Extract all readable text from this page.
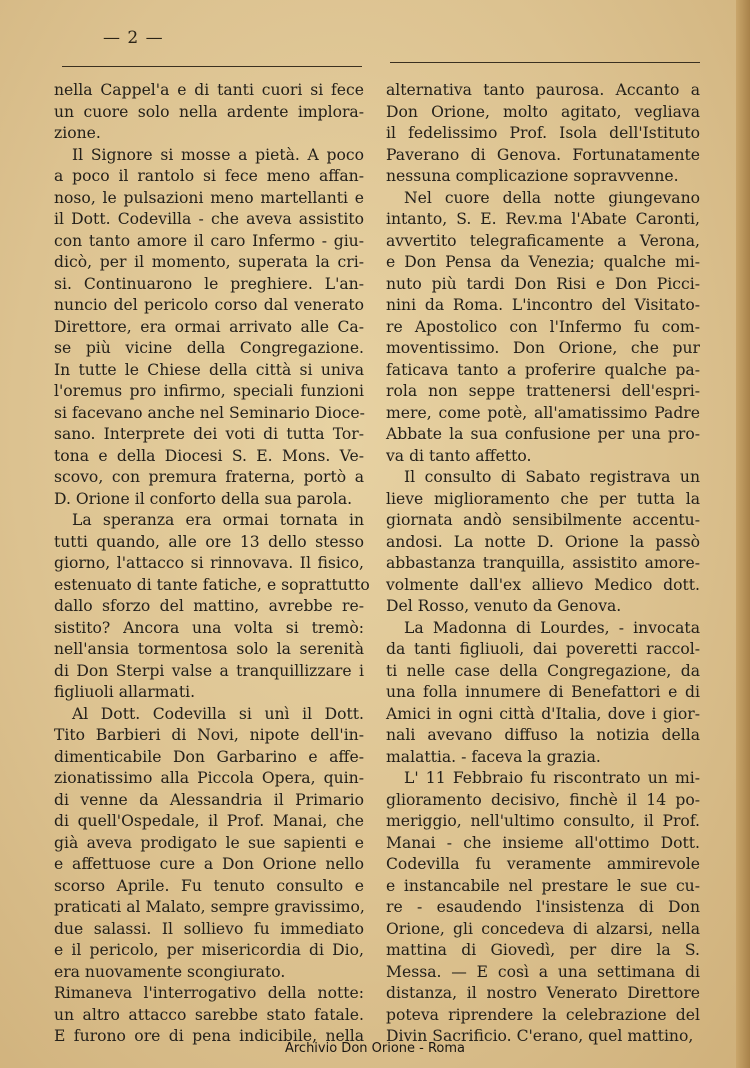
— 2 —
nella Cappel'a e di tanti cuori si fece
un cuore solo nella ardente implora-
zione.
Il Signore si mosse a pietà. A poco
a poco il rantolo si fece meno affan-
noso, le pulsazioni meno martellanti e
il Dott. Codevilla - che aveva assistito
con tanto amore il caro Infermo - giu-
dicò, per il momento, superata la cri-
si. Continuarono le preghiere. L'an-
nuncio del pericolo corso dal venerato
Direttore, era ormai arrivato alle Ca-
se più vicine della Congregazione.
In tutte le Chiese della città si univa
l'oremus pro infirmo, speciali funzioni
si facevano anche nel Seminario Dioce-
sano. Interprete dei voti di tutta Tor-
tona e della Diocesi S. E. Mons. Ve-
scovo, con premura fraterna, portò a
D. Orione il conforto della sua parola.
La speranza era ormai tornata in
tutti quando, alle ore 13 dello stesso
giorno, l'attacco si rinnovava. Il fisico,
estenuato di tante fatiche, e soprattutto
dallo sforzo del mattino, avrebbe re-
sistito? Ancora una volta si tremò:
nell'ansia tormentosa solo la serenità
di Don Sterpi valse a tranquillizzare i
figliuoli allarmati.
Al Dott. Codevilla si unì il Dott.
Tito Barbieri di Novi, nipote dell'in-
dimenticabile Don Garbarino e affe-
zionatissimo alla Piccola Opera, quin-
di venne da Alessandria il Primario
di quell'Ospedale, il Prof. Manai, che
già aveva prodigato le sue sapienti e
e affettuose cure a Don Orione nello
scorso Aprile. Fu tenuto consulto e
praticati al Malato, sempre gravissimo,
due salassi. Il sollievo fu immediato
e il pericolo, per misericordia di Dio,
era nuovamente scongiurato.
Rimaneva l'interrogativo della notte:
un altro attacco sarebbe stato fatale.
E furono ore di pena indicibile, nella
alternativa tanto paurosa. Accanto a
Don Orione, molto agitato, vegliava
il fedelissimo Prof. Isola dell'Istituto
Paverano di Genova. Fortunatamente
nessuna complicazione sopravvenne.
Nel cuore della notte giungevano
intanto, S. E. Rev.ma l'Abate Caronti,
avvertito telegraficamente a Verona,
e Don Pensa da Venezia; qualche mi-
nuto più tardi Don Risi e Don Picci-
nini da Roma. L'incontro del Visitato-
re Apostolico con l'Infermo fu com-
moventissimo. Don Orione, che pur
faticava tanto a proferire qualche pa-
rola non seppe trattenersi dell'espri-
mere, come potè, all'amatissimo Padre
Abbate la sua confusione per una pro-
va di tanto affetto.
Il consulto di Sabato registrava un
lieve miglioramento che per tutta la
giornata andò sensibilmente accentu-
andosi. La notte D. Orione la passò
abbastanza tranquilla, assistito amore-
volmente dall'ex allievo Medico dott.
Del Rosso, venuto da Genova.
La Madonna di Lourdes, - invocata
da tanti figliuoli, dai poveretti raccol-
ti nelle case della Congregazione, da
una folla innumere di Benefattori e di
Amici in ogni città d'Italia, dove i gior-
nali avevano diffuso la notizia della
malattia. - faceva la grazia.
L' 11 Febbraio fu riscontrato un mi-
glioramento decisivo, finchè il 14 po-
meriggio, nell'ultimo consulto, il Prof.
Manai - che insieme all'ottimo Dott.
Codevilla fu veramente ammirevole
e instancabile nel prestare le sue cu-
re - esaudendo l'insistenza di Don
Orione, gli concedeva di alzarsi, nella
mattina di Giovedì, per dire la S.
Messa. — E così a una settimana di
distanza, il nostro Venerato Direttore
poteva riprendere la celebrazione del
Divin Sacrificio. C'erano, quel mattino,
Archivio Don Orione - Roma
